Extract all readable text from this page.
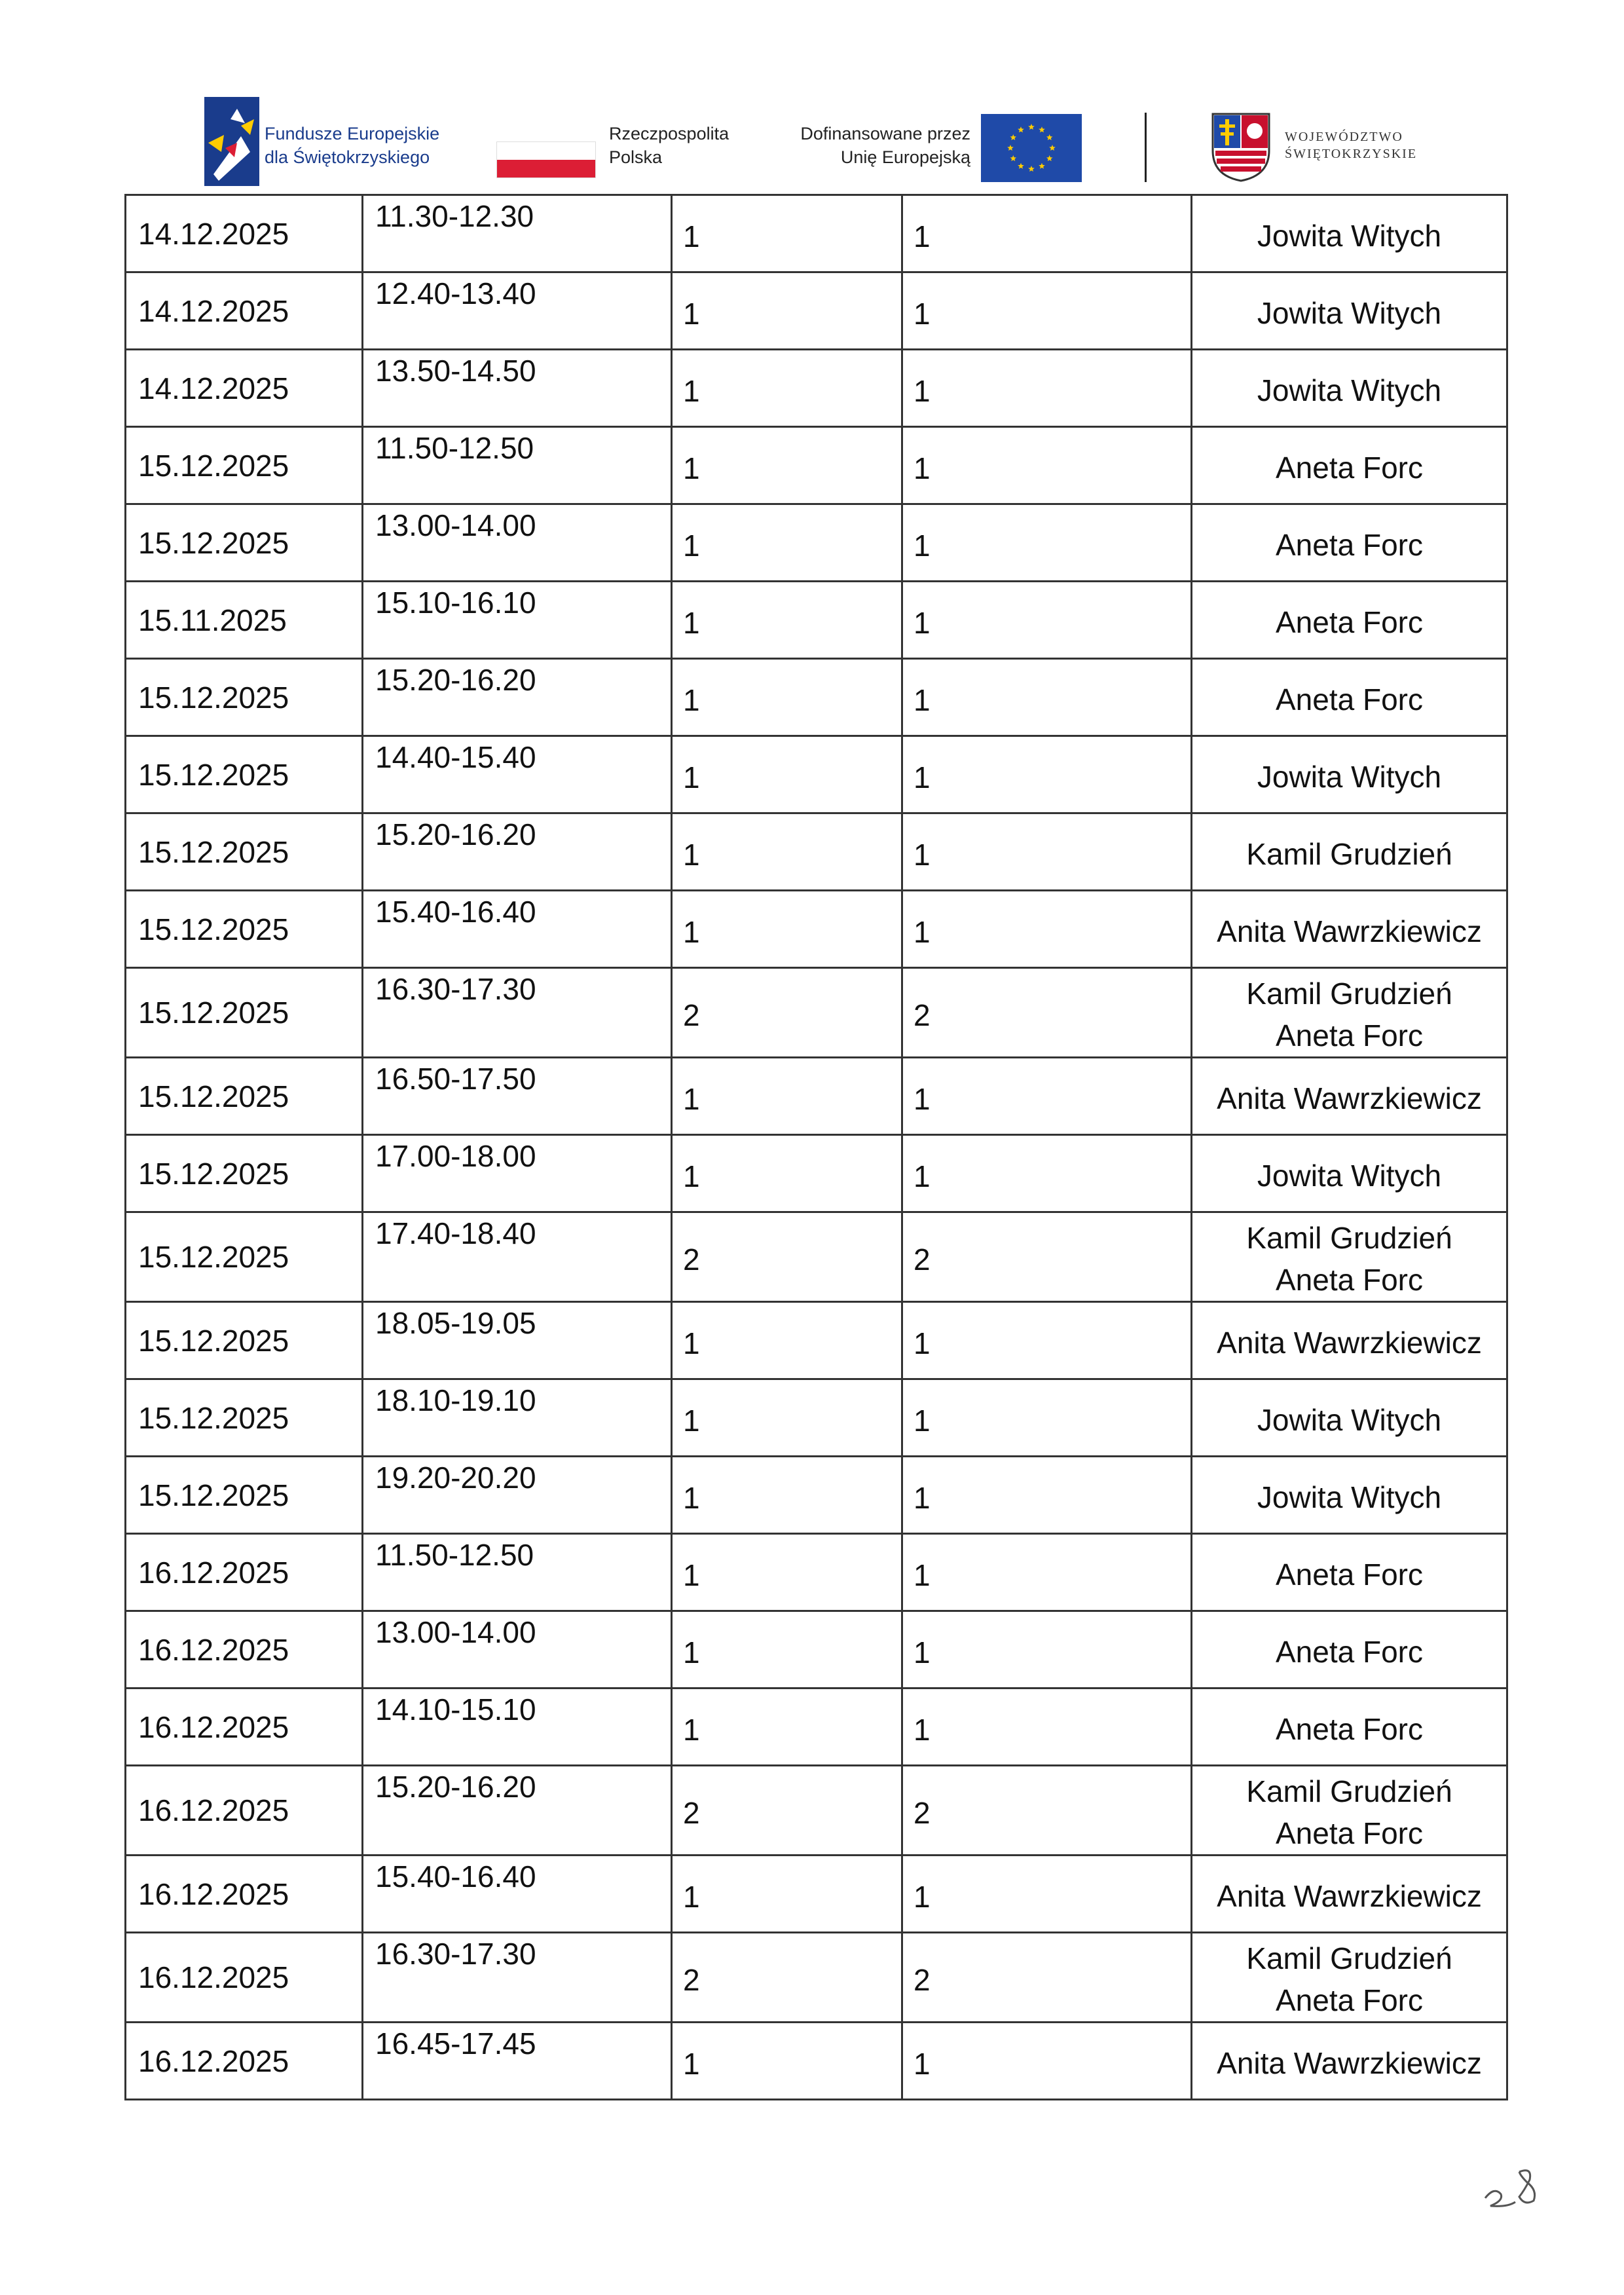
Fundusze Europejskie
dla Świętokrzyskiego
Rzeczpospolita
Polska
Dofinansowane przez
Unię Europejską
WOJEWÓDZTWO
ŚWIĘTOKRZYSKIE
14.12.2025	11.30-12.30	1	1	Jowita Witych

14.12.2025	12.40-13.40	1	1	Jowita Witych

14.12.2025	13.50-14.50	1	1	Jowita Witych

15.12.2025	11.50-12.50	1	1	Aneta Forc

15.12.2025	13.00-14.00	1	1	Aneta Forc

15.11.2025	15.10-16.10	1	1	Aneta Forc

15.12.2025	15.20-16.20	1	1	Aneta Forc

15.12.2025	14.40-15.40	1	1	Jowita Witych

15.12.2025	15.20-16.20	1	1	Kamil Grudzień

15.12.2025	15.40-16.40	1	1	Anita Wawrzkiewicz

15.12.2025	16.30-17.30	2	2	Kamil Grudzień
Aneta Forc

15.12.2025	16.50-17.50	1	1	Anita Wawrzkiewicz

15.12.2025	17.00-18.00	1	1	Jowita Witych

15.12.2025	17.40-18.40	2	2	Kamil Grudzień
Aneta Forc

15.12.2025	18.05-19.05	1	1	Anita Wawrzkiewicz

15.12.2025	18.10-19.10	1	1	Jowita Witych

15.12.2025	19.20-20.20	1	1	Jowita Witych

16.12.2025	11.50-12.50	1	1	Aneta Forc

16.12.2025	13.00-14.00	1	1	Aneta Forc

16.12.2025	14.10-15.10	1	1	Aneta Forc

16.12.2025	15.20-16.20	2	2	Kamil Grudzień
Aneta Forc

16.12.2025	15.40-16.40	1	1	Anita Wawrzkiewicz

16.12.2025	16.30-17.30	2	2	Kamil Grudzień
Aneta Forc

16.12.2025	16.45-17.45	1	1	Anita Wawrzkiewicz
